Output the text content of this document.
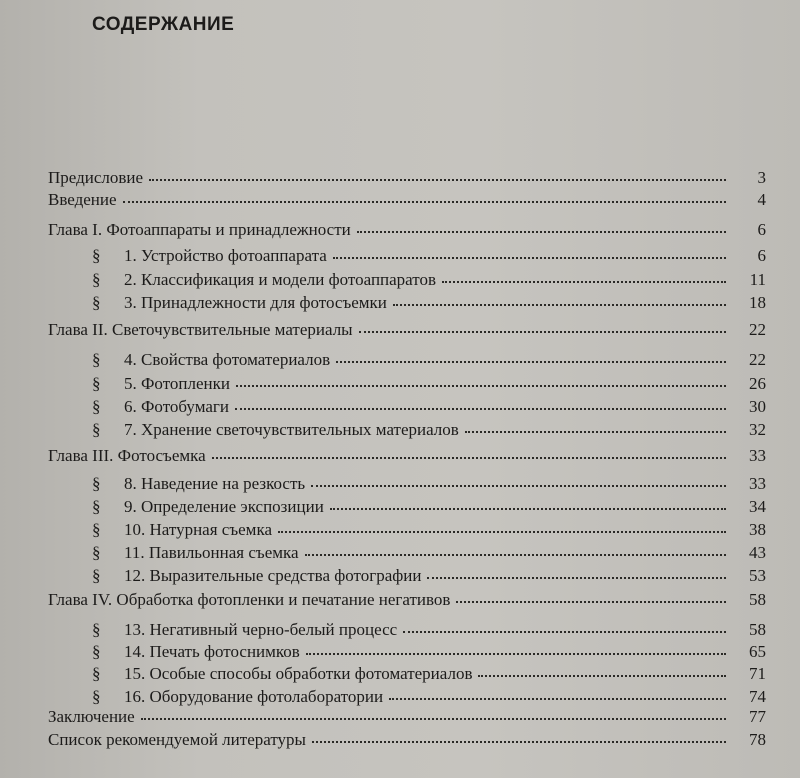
СОДЕРЖАНИЕ
Предисловие	3
Введение	4
Глава I. Фотоаппараты и принадлежности	6
§ 1. Устройство фотоаппарата	6
§ 2. Классификация и модели фотоаппаратов	11
§ 3. Принадлежности для фотосъемки	18
Глава II. Светочувствительные материалы	22
§ 4. Свойства фотоматериалов	22
§ 5. Фотопленки	26
§ 6. Фотобумаги	30
§ 7. Хранение светочувствительных материалов	32
Глава III. Фотосъемка	33
§ 8. Наведение на резкость	33
§ 9. Определение экспозиции	34
§ 10. Натурная съемка	38
§ 11. Павильонная съемка	43
§ 12. Выразительные средства фотографии	53
Глава IV. Обработка фотопленки и печатание негативов	58
§ 13. Негативный черно-белый процесс	58
§ 14. Печать фотоснимков	65
§ 15. Особые способы обработки фотоматериалов	71
§ 16. Оборудование фотолаборатории	74
Заключение	77
Список рекомендуемой литературы	78
